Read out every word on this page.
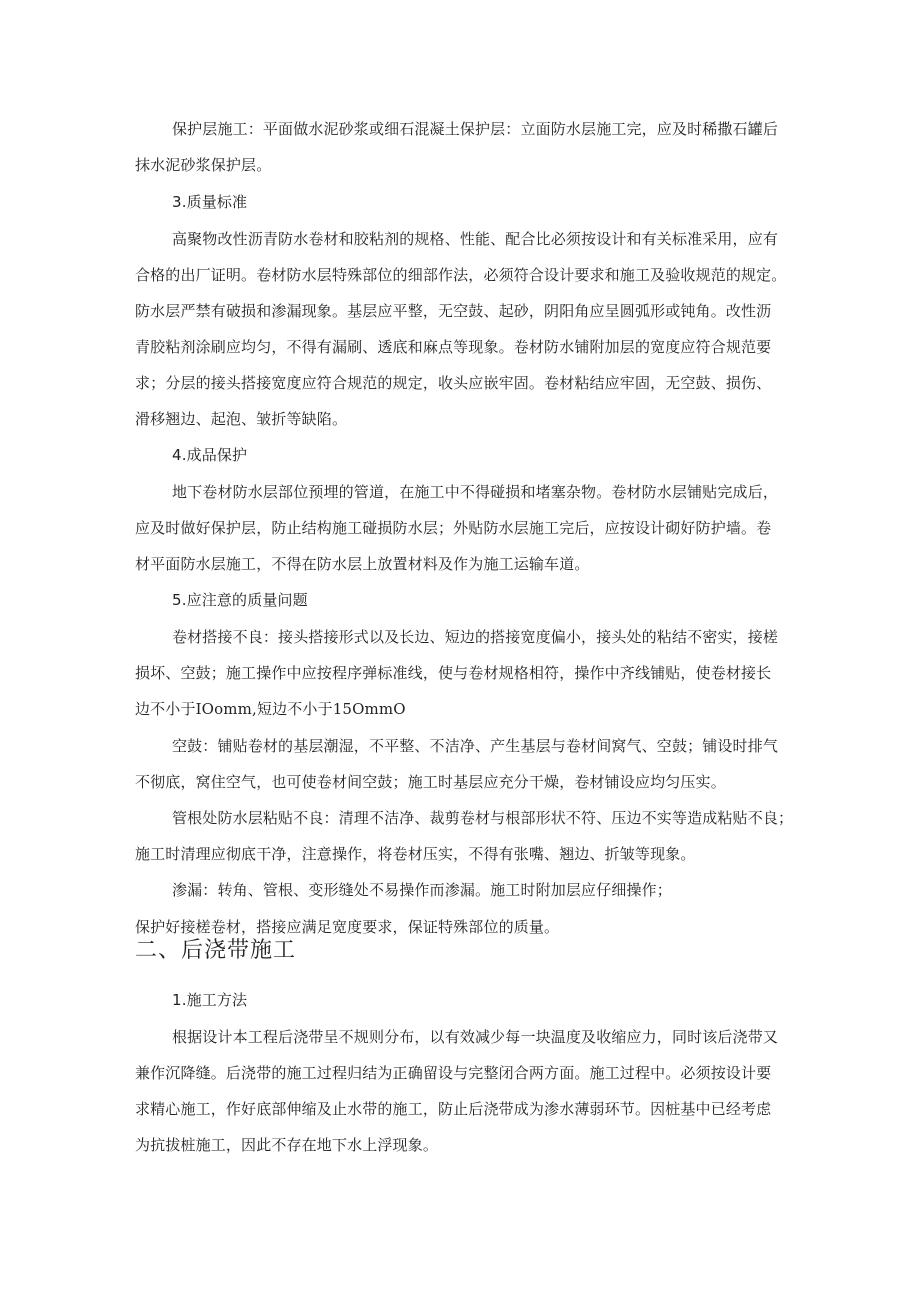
保护层施工：平面做水泥砂浆或细石混凝土保护层：立面防水层施工完，应及时稀撒石罐后
抹水泥砂浆保护层。
3.质量标准
高聚物改性沥青防水卷材和胶粘剂的规格、性能、配合比必须按设计和有关标准采用，应有
合格的出厂证明。卷材防水层特殊部位的细部作法，必须符合设计要求和施工及验收规范的规定。
防水层严禁有破损和渗漏现象。基层应平整，无空鼓、起砂，阴阳角应呈圆弧形或钝角。改性沥
青胶粘剂涂刷应均匀，不得有漏刷、透底和麻点等现象。卷材防水铺附加层的宽度应符合规范要
求；分层的接头搭接宽度应符合规范的规定，收头应嵌牢固。卷材粘结应牢固，无空鼓、损伤、
滑移翘边、起泡、皱折等缺陷。
4.成品保护
地下卷材防水层部位预埋的管道，在施工中不得碰损和堵塞杂物。卷材防水层铺贴完成后，
应及时做好保护层，防止结构施工碰损防水层；外贴防水层施工完后，应按设计砌好防护墙。卷
材平面防水层施工，不得在防水层上放置材料及作为施工运输车道。
5.应注意的质量问题
卷材搭接不良：接头搭接形式以及长边、短边的搭接宽度偏小，接头处的粘结不密实，接槎
损坏、空鼓；施工操作中应按程序弹标准线，使与卷材规格相符，操作中齐线铺贴，使卷材接长
边不小于IOomm,短边不小于15OmmO
空鼓：铺贴卷材的基层潮湿，不平整、不洁净、产生基层与卷材间窝气、空鼓；铺设时排气
不彻底，窝住空气，也可使卷材间空鼓；施工时基层应充分干燥，卷材铺设应均匀压实。
管根处防水层粘贴不良：清理不洁净、裁剪卷材与根部形状不符、压边不实等造成粘贴不良；
施工时清理应彻底干净，注意操作，将卷材压实，不得有张嘴、翘边、折皱等现象。
渗漏：转角、管根、变形缝处不易操作而渗漏。施工时附加层应仔细操作；
保护好接槎卷材，搭接应满足宽度要求，保证特殊部位的质量。
二、后浇带施工
1.施工方法
根据设计本工程后浇带呈不规则分布，以有效减少每一块温度及收缩应力，同时该后浇带又
兼作沉降缝。后浇带的施工过程归结为正确留设与完整闭合两方面。施工过程中。必须按设计要
求精心施工，作好底部伸缩及止水带的施工，防止后浇带成为渗水薄弱环节。因桩基中已经考虑
为抗拔桩施工，因此不存在地下水上浮现象。
